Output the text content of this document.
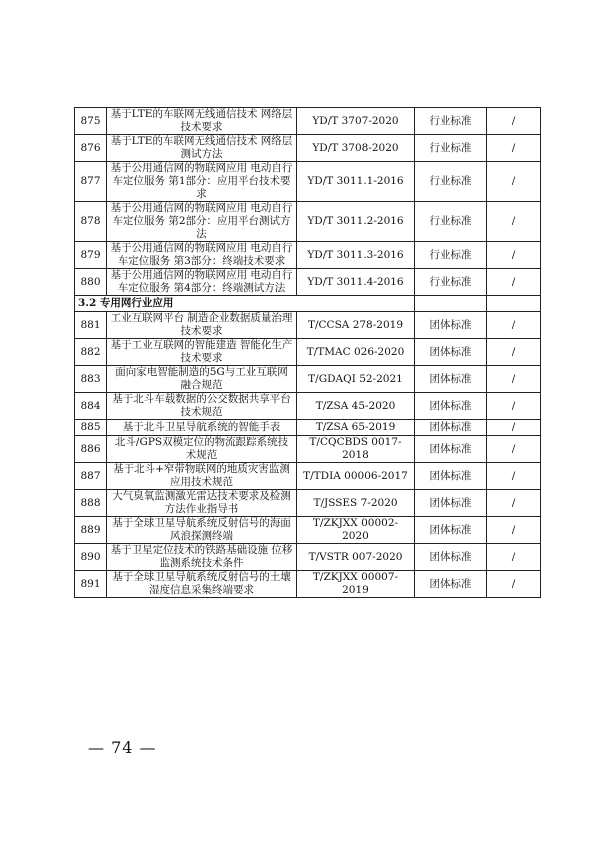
875	基于LTE的车联网无线通信技术 网络层技术要求	YD/T 3707-2020	行业标准	/
876	基于LTE的车联网无线通信技术 网络层测试方法	YD/T 3708-2020	行业标准	/
877	基于公用通信网的物联网应用 电动自行车定位服务 第1部分：应用平台技术要求	YD/T 3011.1-2016	行业标准	/
878	基于公用通信网的物联网应用 电动自行车定位服务 第2部分：应用平台测试方法	YD/T 3011.2-2016	行业标准	/
879	基于公用通信网的物联网应用 电动自行车定位服务 第3部分：终端技术要求	YD/T 3011.3-2016	行业标准	/
880	基于公用通信网的物联网应用 电动自行车定位服务 第4部分：终端测试方法	YD/T 3011.4-2016	行业标准	/
3.2 专用网行业应用				
881	工业互联网平台 制造企业数据质量治理技术要求	T/CCSA 278-2019	团体标准	/
882	基于工业互联网的智能建造 智能化生产技术要求	T/TMAC 026-2020	团体标准	/
883	面向家电智能制造的5G与工业互联网融合规范	T/GDAQI 52-2021	团体标准	/
884	基于北斗车载数据的公交数据共享平台技术规范	T/ZSA 45-2020	团体标准	/
885	基于北斗卫星导航系统的智能手表	T/ZSA 65-2019	团体标准	/
886	北斗/GPS双模定位的物流跟踪系统技术规范	T/CQCBDS 0017-2018	团体标准	/
887	基于北斗+窄带物联网的地质灾害监测应用技术规范	T/TDIA 00006-2017	团体标准	/
888	大气臭氧监测激光雷达技术要求及检测方法作业指导书	T/JSSES 7-2020	团体标准	/
889	基于全球卫星导航系统反射信号的海面风浪探测终端	T/ZKJXX 00002-2020	团体标准	/
890	基于卫星定位技术的铁路基础设施 位移监测系统技术条件	T/VSTR 007-2020	团体标准	/
891	基于全球卫星导航系统反射信号的土壤湿度信息采集终端要求	T/ZKJXX 00007-2019	团体标准	/
— 74 —
